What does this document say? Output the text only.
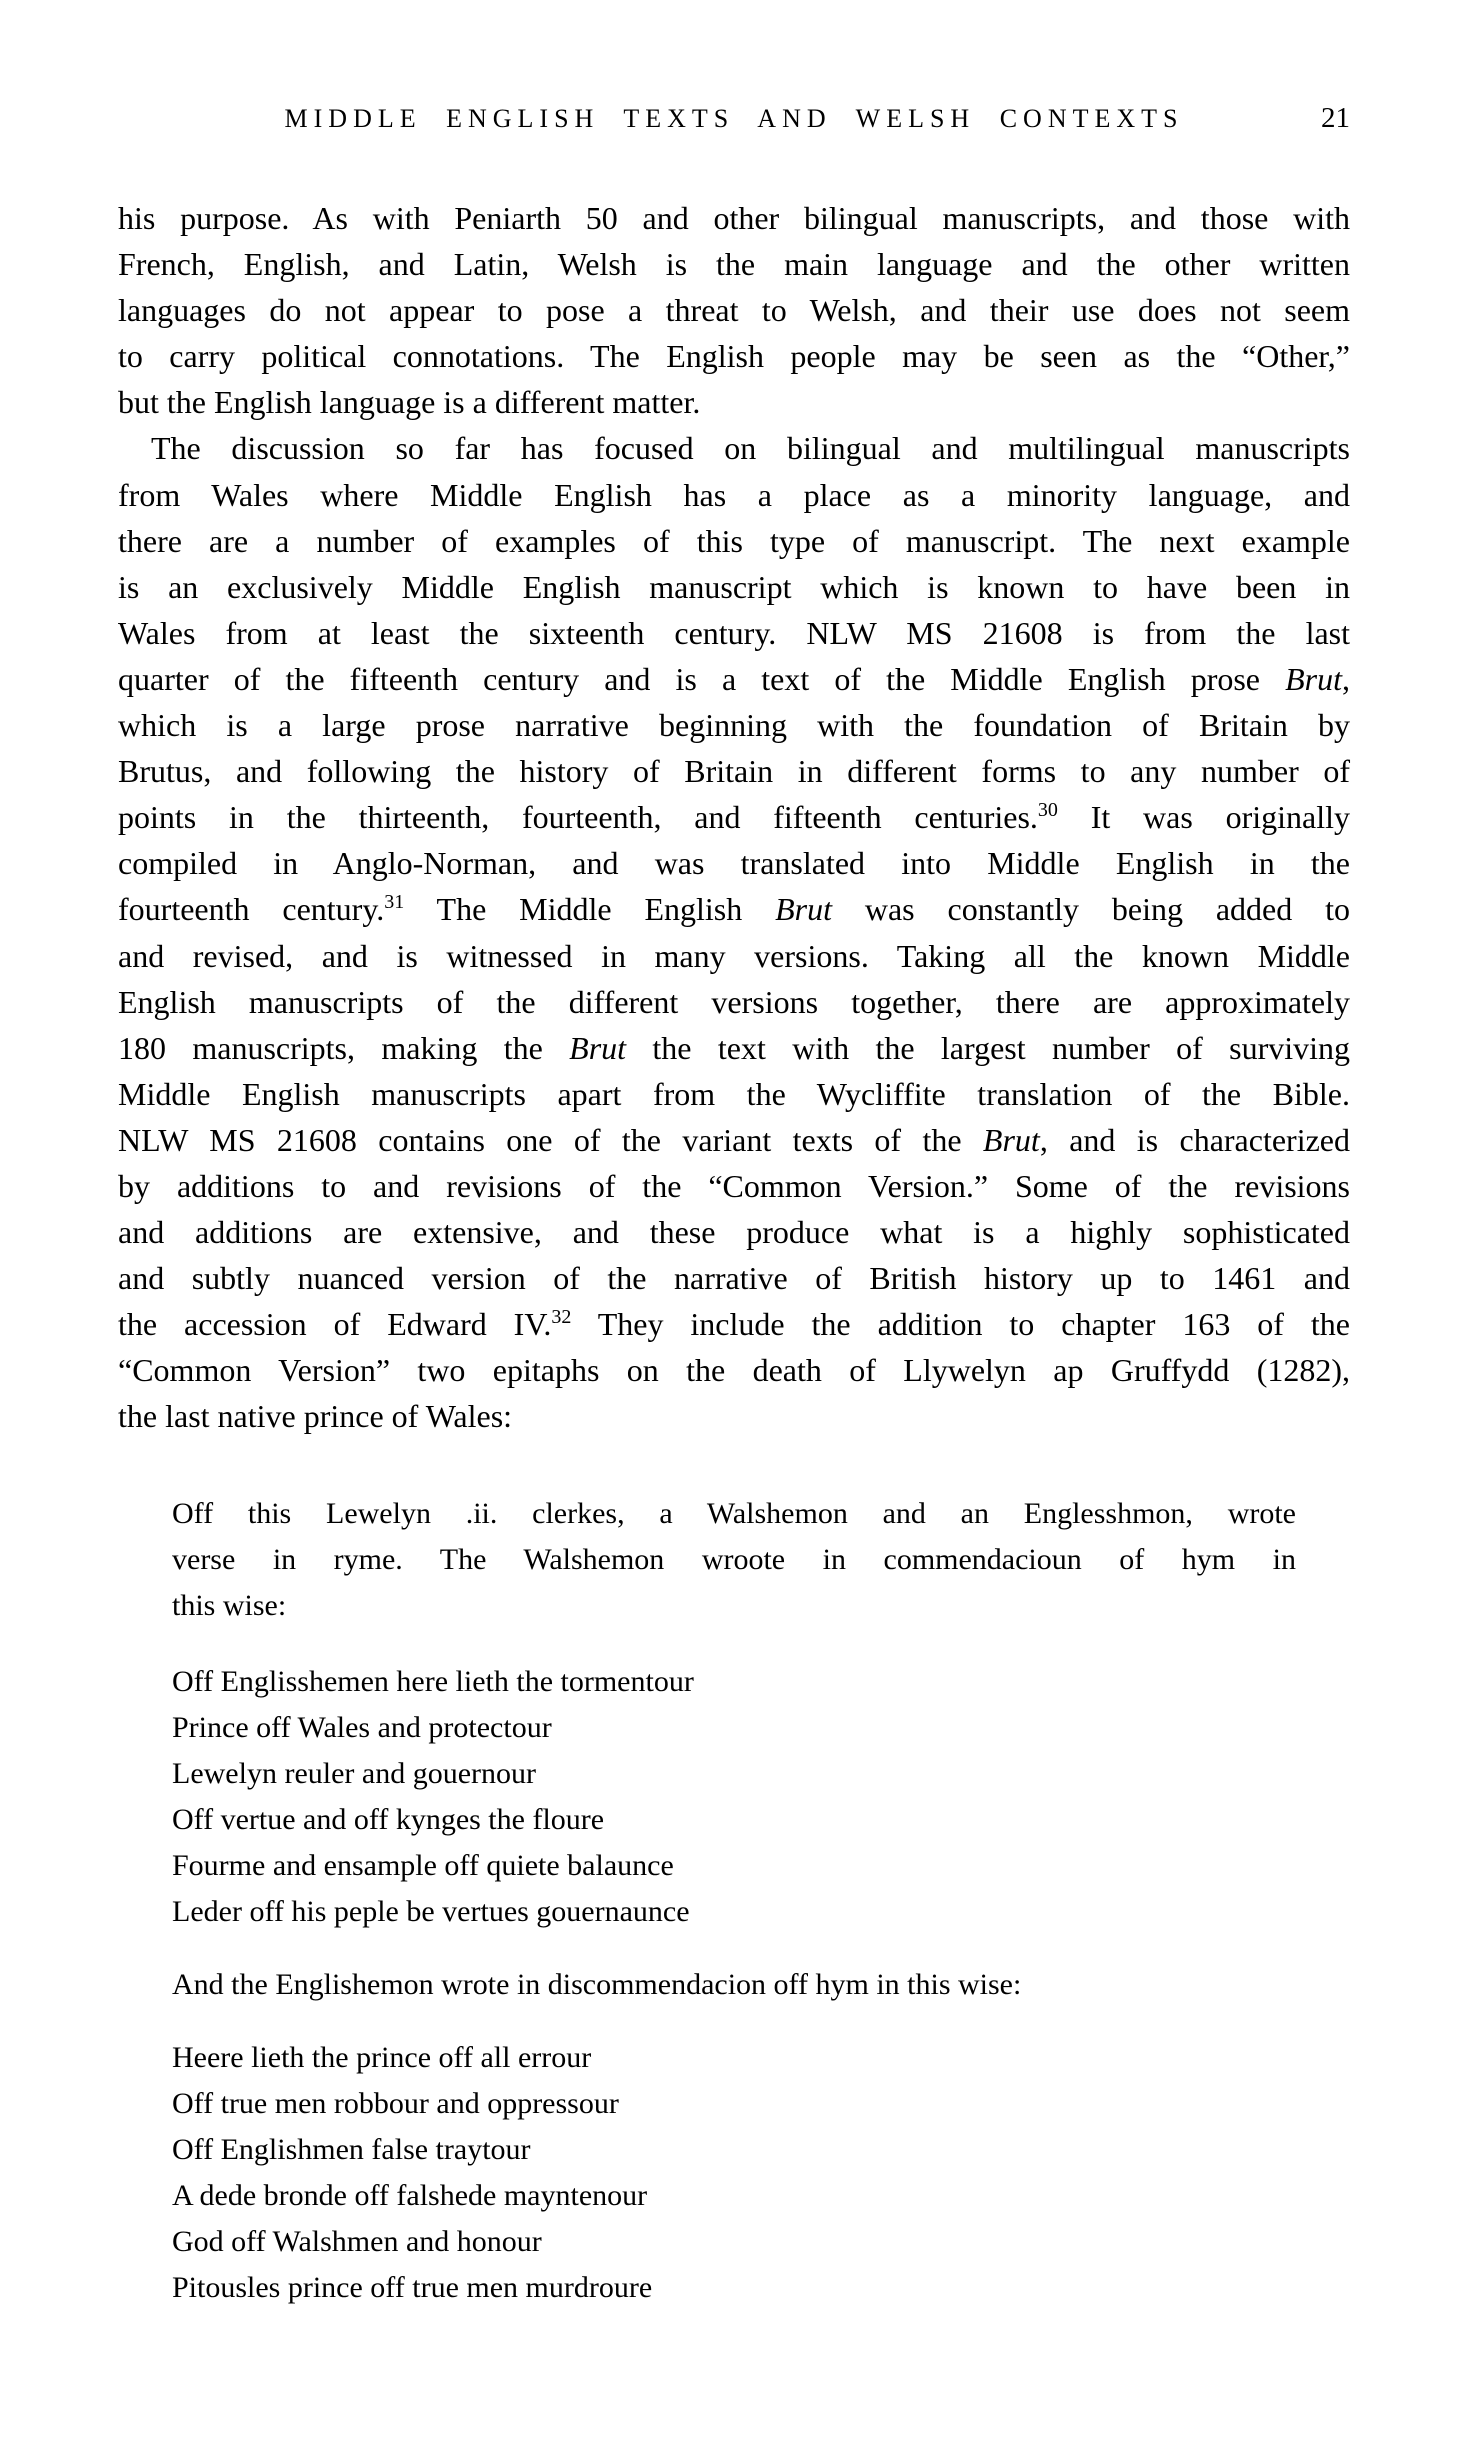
MIDDLE ENGLISH TEXTS AND WELSH CONTEXTS	21
his purpose. As with Peniarth 50 and other bilingual manuscripts, and those with
French, English, and Latin, Welsh is the main language and the other written
languages do not appear to pose a threat to Welsh, and their use does not seem
to carry political connotations. The English people may be seen as the “Other,”
but the English language is a different matter.
The discussion so far has focused on bilingual and multilingual manuscripts
from Wales where Middle English has a place as a minority language, and
there are a number of examples of this type of manuscript. The next example
is an exclusively Middle English manuscript which is known to have been in
Wales from at least the sixteenth century. NLW MS 21608 is from the last
quarter of the fifteenth century and is a text of the Middle English prose Brut,
which is a large prose narrative beginning with the foundation of Britain by
Brutus, and following the history of Britain in different forms to any number of
points in the thirteenth, fourteenth, and fifteenth centuries.$^{30}$ It was originally
compiled in Anglo-Norman, and was translated into Middle English in the
fourteenth century.$^{31}$ The Middle English Brut was constantly being added to
and revised, and is witnessed in many versions. Taking all the known Middle
English manuscripts of the different versions together, there are approximately
180 manuscripts, making the Brut the text with the largest number of surviving
Middle English manuscripts apart from the Wycliffite translation of the Bible.
NLW MS 21608 contains one of the variant texts of the Brut, and is characterized
by additions to and revisions of the “Common Version.” Some of the revisions
and additions are extensive, and these produce what is a highly sophisticated
and subtly nuanced version of the narrative of British history up to 1461 and
the accession of Edward IV.$^{32}$ They include the addition to chapter 163 of the
“Common Version” two epitaphs on the death of Llywelyn ap Gruffydd (1282),
the last native prince of Wales:
Off this Lewelyn .ii. clerkes, a Walshemon and an Englesshmon, wrote
verse in ryme. The Walshemon wroote in commendacioun of hym in
this wise:
Off Englisshemen here lieth the tormentour
Prince off Wales and protectour
Lewelyn reuler and gouernour
Off vertue and off kynges the floure
Fourme and ensample off quiete balaunce
Leder off his peple be vertues gouernaunce
And the Englishemon wrote in discommendacion off hym in this wise:
Heere lieth the prince off all errour
Off true men robbour and oppressour
Off Englishmen false traytour
A dede bronde off falshede mayntenour
God off Walshmen and honour
Pitousles prince off true men murdroure
